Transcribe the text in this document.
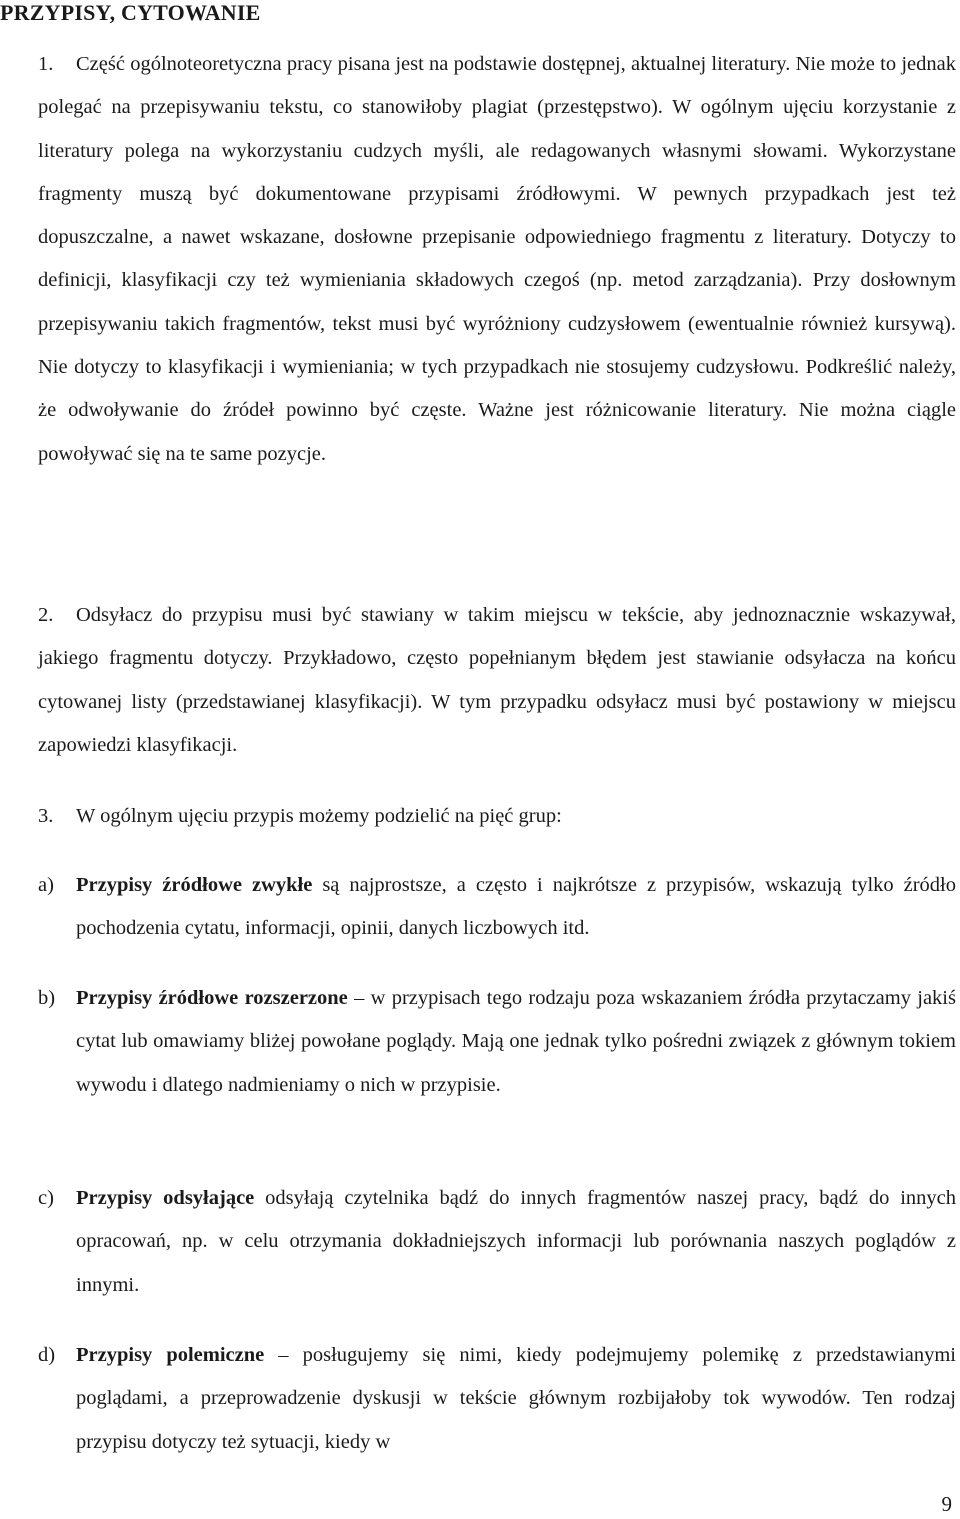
PRZYPISY, CYTOWANIE

1. Część ogólnoteoretyczna pracy pisana jest na podstawie dostępnej, aktualnej literatury. Nie może to jednak polegać na przepisywaniu tekstu, co stanowiłoby plagiat (przestępstwo). W ogólnym ujęciu korzystanie z literatury polega na wykorzystaniu cudzych myśli, ale redagowanych własnymi słowami. Wykorzystane fragmenty muszą być dokumentowane przypisami źródłowymi. W pewnych przypadkach jest też dopuszczalne, a nawet wskazane, dosłowne przepisanie odpowiedniego fragmentu z literatury. Dotyczy to definicji, klasyfikacji czy też wymieniania składowych czegoś (np. metod zarządzania). Przy dosłownym przepisywaniu takich fragmentów, tekst musi być wyróżniony cudzysłowem (ewentualnie również kursywą). Nie dotyczy to klasyfikacji i wymieniania; w tych przypadkach nie stosujemy cudzysłowu. Podkreślić należy, że odwoływanie do źródeł powinno być częste. Ważne jest różnicowanie literatury. Nie można ciągle powoływać się na te same pozycje.

2. Odsyłacz do przypisu musi być stawiany w takim miejscu w tekście, aby jednoznacznie wskazywał, jakiego fragmentu dotyczy. Przykładowo, często popełnianym błędem jest stawianie odsyłacza na końcu cytowanej listy (przedstawianej klasyfikacji). W tym przypadku odsyłacz musi być postawiony w miejscu zapowiedzi klasyfikacji.

3. W ogólnym ujęciu przypis możemy podzielić na pięć grup:

a)	Przypisy źródłowe zwykłe są najprostsze, a często i najkrótsze z przypisów, wskazują tylko źródło pochodzenia cytatu, informacji, opinii, danych liczbowych itd.
b)	Przypisy źródłowe rozszerzone – w przypisach tego rodzaju poza wskazaniem źródła przytaczamy jakiś cytat lub omawiamy bliżej powołane poglądy. Mają one jednak tylko pośredni związek z głównym tokiem wywodu i dlatego nadmieniamy o nich w przypisie.
c)	Przypisy odsyłające odsyłają czytelnika bądź do innych fragmentów naszej pracy, bądź do innych opracowań, np. w celu otrzymania dokładniejszych informacji lub porównania naszych poglądów z innymi.
d)	Przypisy polemiczne – posługujemy się nimi, kiedy podejmujemy polemikę z przedstawianymi poglądami, a przeprowadzenie dyskusji w tekście głównym rozbijałoby tok wywodów. Ten rodzaj przypisu dotyczy też sytuacji, kiedy w
9
